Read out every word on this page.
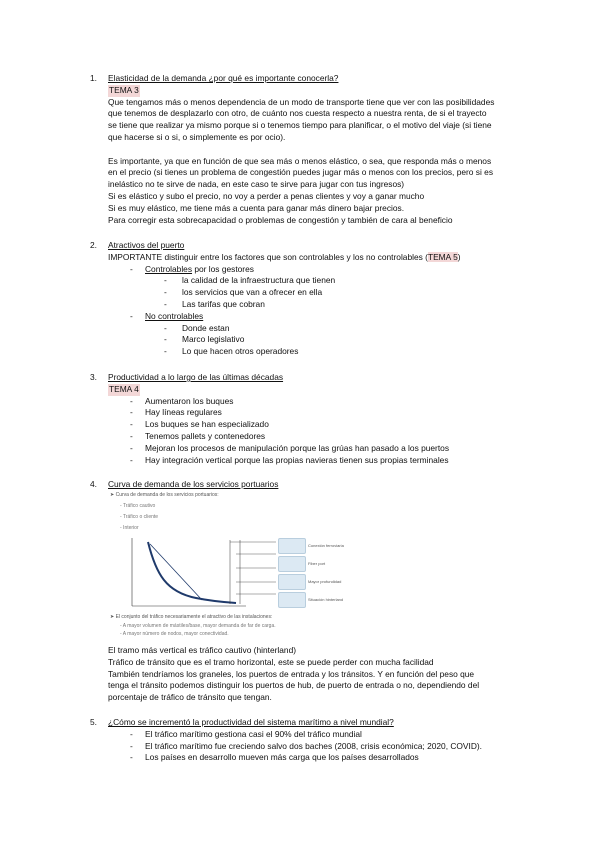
1.	Elasticidad de la demanda ¿por qué es importante conocerla?
TEMA 3
Que tengamos más o menos dependencia de un modo de transporte tiene que ver con las posibilidades
que tenemos de desplazarlo con otro, de cuánto nos cuesta respecto a nuestra renta, de si el trayecto
se tiene que realizar ya mismo porque si o tenemos tiempo para planificar, o el motivo del viaje (si tiene
que hacerse si o si, o simplemente es por ocio).
Es importante, ya que en función de que sea más o menos elástico, o sea, que responda más o menos
en el precio (si tienes un problema de congestión puedes jugar más o menos con los precios, pero si es
inelástico no te sirve de nada, en este caso te sirve para jugar con tus ingresos)
Si es elástico y subo el precio, no voy a perder a penas clientes y voy a ganar mucho
Si es muy elástico, me tiene más a cuenta para ganar más dinero bajar precios.
Para corregir esta sobrecapacidad o problemas de congestión y también de cara al beneficio
2.	Atractivos del puerto
IMPORTANTE distinguir entre los factores que son controlables y los no controlables (TEMA 5)
- Controlables por los gestores
- la calidad de la infraestructura que tienen
- los servicios que van a ofrecer en ella
- Las tarifas que cobran
- No controlables
- Donde estan
- Marco legislativo
- Lo que hacen otros operadores
3.	Productividad a lo largo de las últimas décadas
TEMA 4
- Aumentaron los buques
- Hay líneas regulares
- Los buques se han especializado
- Tenemos pallets y contenedores
- Mejoran los procesos de manipulación porque las grúas han pasado a los puertos
- Hay integración vertical porque las propias navieras tienen sus propias terminales
4.	Curva de demanda de los servicios portuarios
➤ Curva de demanda de los servicios portuarios:
- Tráfico cautivo
- Tráfico o cliente
- Interior
Conexión ferroviaria
Fiber port
Mayor profundidad
Situación hinterland
➤ El conjunto del tráfico necesariamente el atractivo de las instalaciones:
- A mayor volumen de mástiles/base, mayor demanda de far de carga.
- A mayor número de nodos, mayor conectividad.
El tramo más vertical es tráfico cautivo (hinterland)
Tráfico de tránsito que es el tramo horizontal, este se puede perder con mucha facilidad
También tendríamos los graneles, los puertos de entrada y los tránsitos. Y en función del peso que
tenga el tránsito podemos distinguir los puertos de hub, de puerto de entrada o no, dependiendo del
porcentaje de tráfico de tránsito que tengan.
5.	¿Cómo se incrementó la productividad del sistema marítimo a nivel mundial?
- El tráfico marítimo gestiona casi el 90% del tráfico mundial
- El tráfico marítimo fue creciendo salvo dos baches (2008, crisis económica; 2020, COVID).
- Los países en desarrollo mueven más carga que los países desarrollados
